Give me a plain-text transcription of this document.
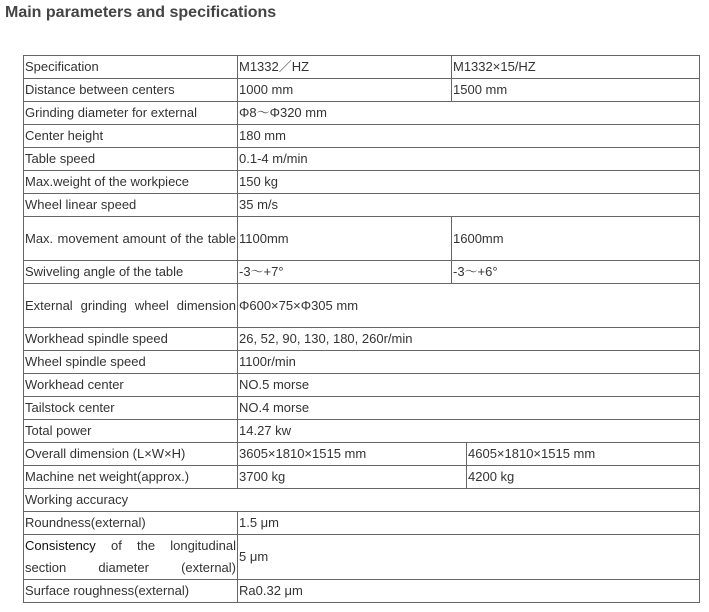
Main parameters and specifications
Specification	M1332／HZ	M1332×15/HZ	
Distance between centers	1000 mm	1500 mm	
Grinding diameter for external	Φ8～Φ320 mm		
Center height	180 mm		
Table speed	0.1-4 m/min		
Max.weight of the workpiece	150 kg		
Wheel linear speed	35 m/s		
Max. movement amount of the table	1100mm	1600mm	
Swiveling angle of the table	-3～+7°	-3～+6°	
External grinding wheel dimension	Φ600×75×Φ305 mm		
Workhead spindle speed	26, 52, 90, 130, 180, 260r/min		
Wheel spindle speed	1100r/min		
Workhead center	NO.5 morse		
Tailstock center	NO.4 morse		
Total power	14.27 kw		
Overall dimension (L×W×H)	3605×1810×1515 mm		4605×1810×1515 mm
Machine net weight(approx.)	3700 kg		4200 kg
Working accuracy			
Roundness(external)	1.5 μm		
Consistency of the longitudinal section diameter (external)	5 μm		
Surface roughness(external)	Ra0.32 μm		
